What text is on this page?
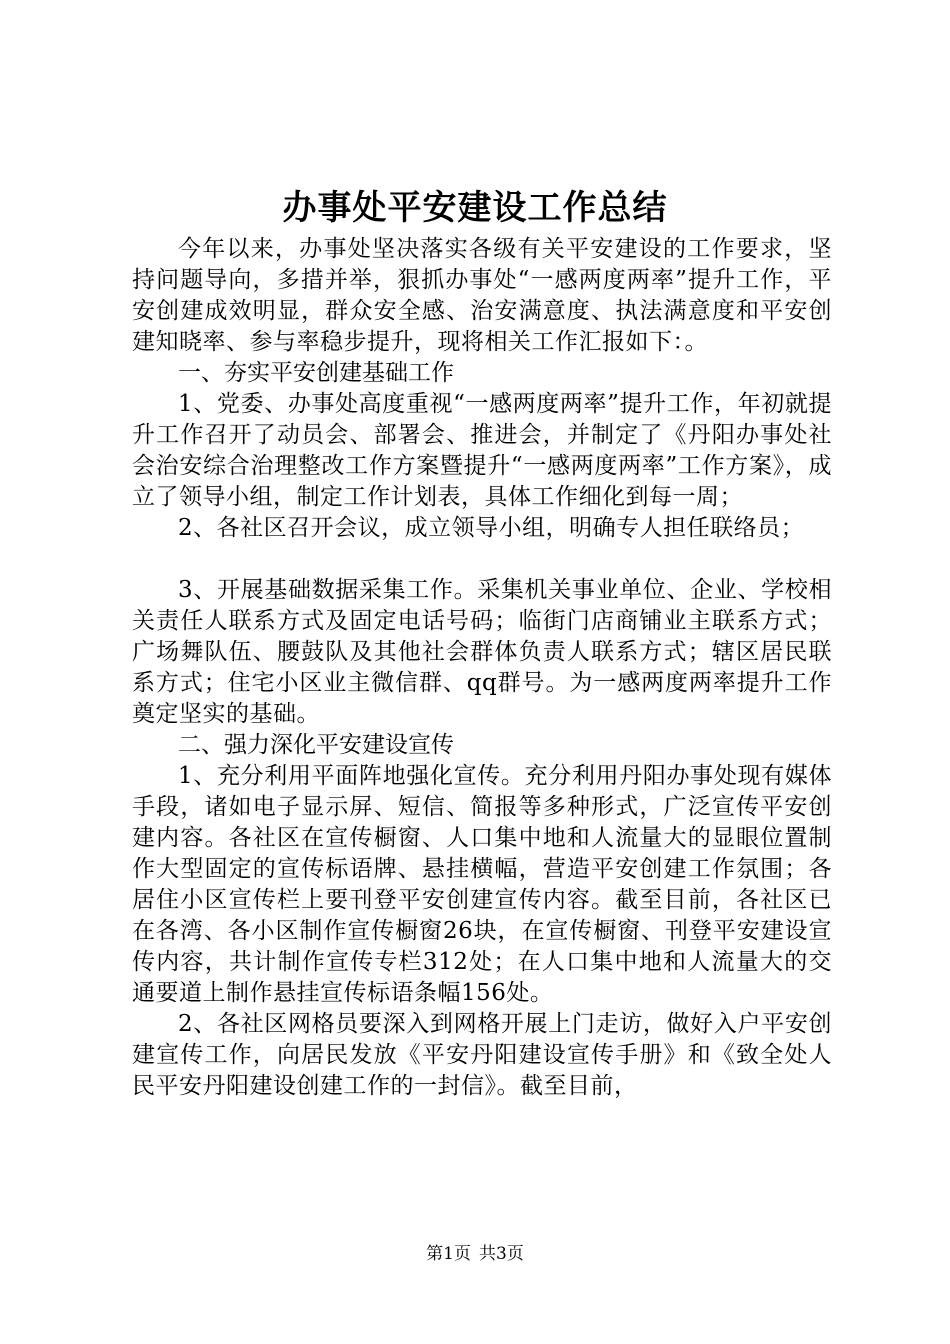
办事处平安建设工作总结

今年以来，办事处坚决落实各级有关平安建设的工作要求，坚持问题导向，多措并举，狠抓办事处“一感两度两率”提升工作，平安创建成效明显，群众安全感、治安满意度、执法满意度和平安创建知晓率、参与率稳步提升，现将相关工作汇报如下：。

一、夯实平安创建基础工作

1、党委、办事处高度重视“一感两度两率”提升工作，年初就提升工作召开了动员会、部署会、推进会，并制定了《丹阳办事处社会治安综合治理整改工作方案暨提升“一感两度两率”工作方案》，成立了领导小组，制定工作计划表，具体工作细化到每一周；

2、各社区召开会议，成立领导小组，明确专人担任联络员；

3、开展基础数据采集工作。采集机关事业单位、企业、学校相关责任人联系方式及固定电话号码；临街门店商铺业主联系方式；广场舞队伍、腰鼓队及其他社会群体负责人联系方式；辖区居民联系方式；住宅小区业主微信群、qq群号。为一感两度两率提升工作奠定坚实的基础。

二、强力深化平安建设宣传

1、充分利用平面阵地强化宣传。充分利用丹阳办事处现有媒体手段，诸如电子显示屏、短信、简报等多种形式，广泛宣传平安创建内容。各社区在宣传橱窗、人口集中地和人流量大的显眼位置制作大型固定的宣传标语牌、悬挂横幅，营造平安创建工作氛围；各居住小区宣传栏上要刊登平安创建宣传内容。截至目前，各社区已在各湾、各小区制作宣传橱窗26块，在宣传橱窗、刊登平安建设宣传内容，共计制作宣传专栏312处；在人口集中地和人流量大的交通要道上制作悬挂宣传标语条幅156处。

2、各社区网格员要深入到网格开展上门走访，做好入户平安创建宣传工作，向居民发放《平安丹阳建设宣传手册》和《致全处人民平安丹阳建设创建工作的一封信》。截至目前，

第1页 共3页
